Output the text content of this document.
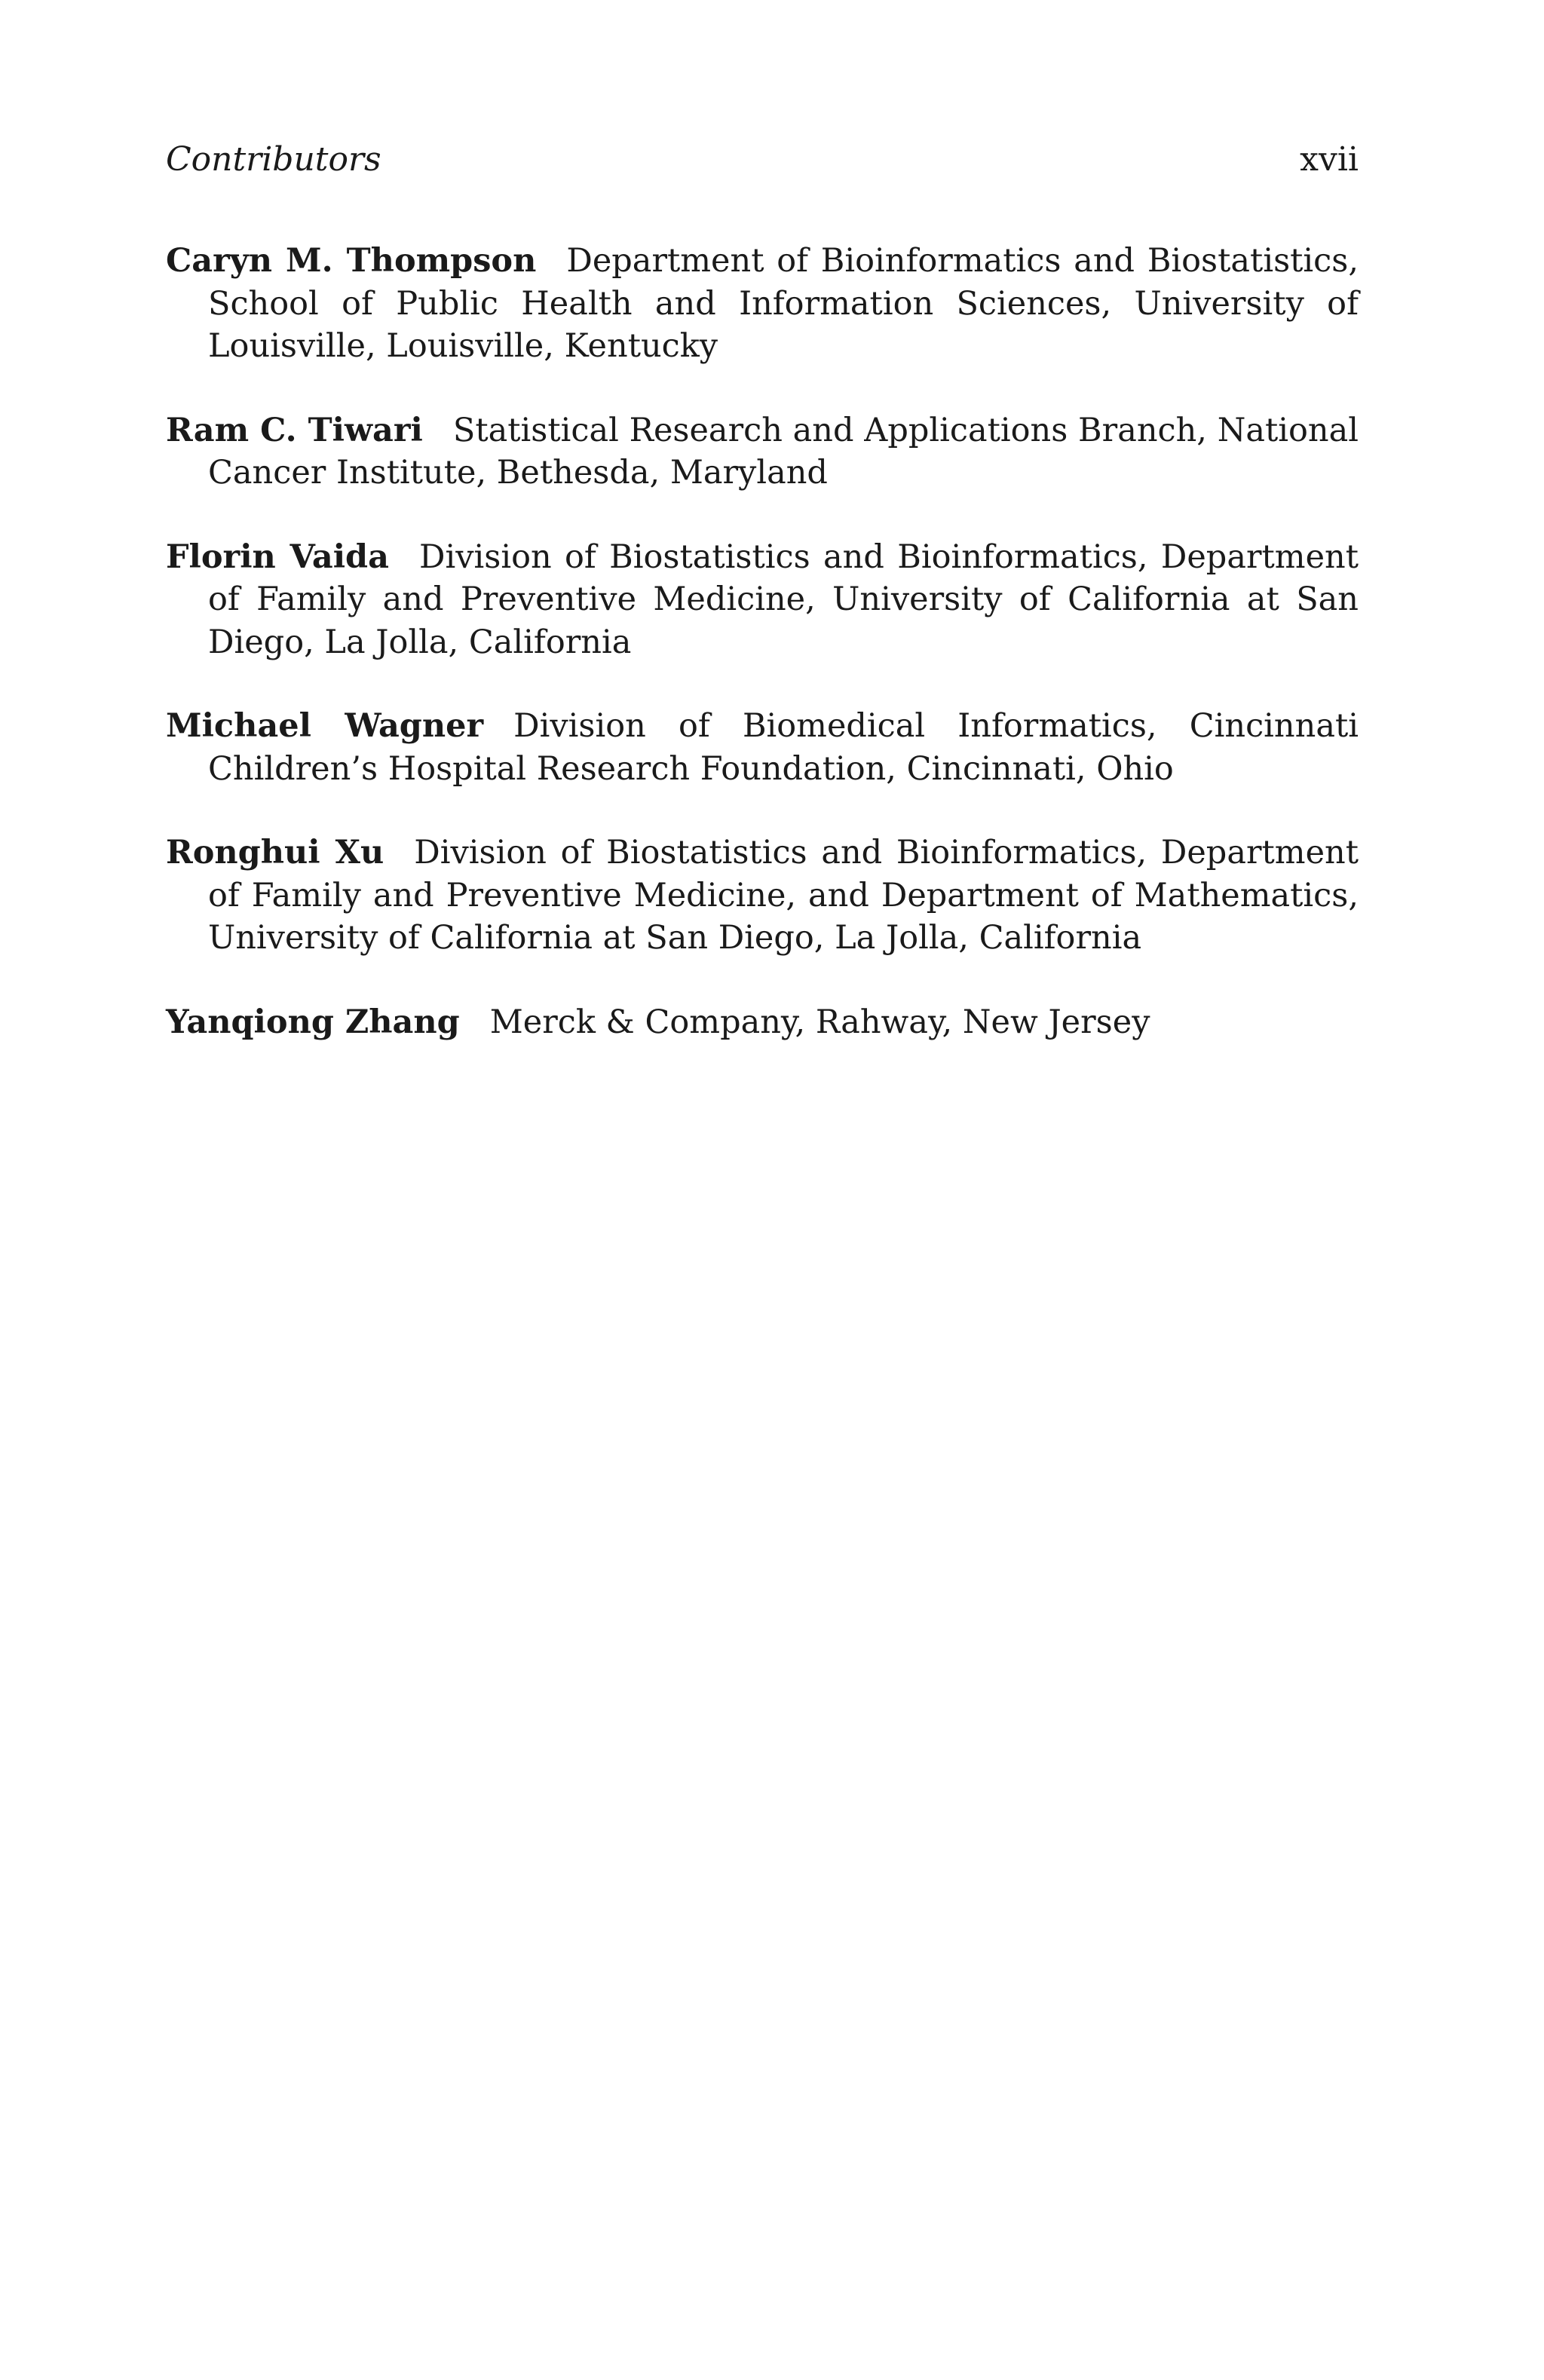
Contributors	xvii

Caryn M. Thompson Department of Bioinformatics and Biostatistics, School of Public Health and Information Sciences, University of Louisville, Louisville, Kentucky

Ram C. Tiwari Statistical Research and Applications Branch, National Cancer Institute, Bethesda, Maryland

Florin Vaida Division of Biostatistics and Bioinformatics, Department of Family and Preventive Medicine, University of California at San Diego, La Jolla, California

Michael Wagner Division of Biomedical Informatics, Cincinnati Children’s Hospital Research Foundation, Cincinnati, Ohio

Ronghui Xu Division of Biostatistics and Bioinformatics, Department of Family and Preventive Medicine, and Department of Mathematics, University of California at San Diego, La Jolla, California

Yanqiong Zhang Merck & Company, Rahway, New Jersey
